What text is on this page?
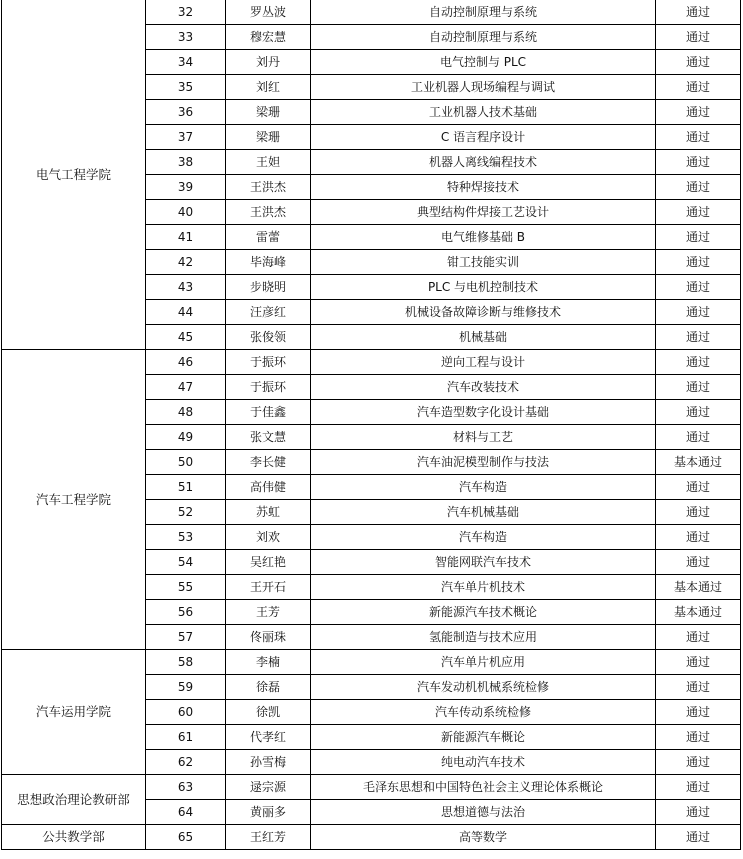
电气工程学院	32	罗丛波	自动控制原理与系统	通过
	33	穆宏慧	自动控制原理与系统	通过
	34	刘丹	电气控制与 PLC	通过
	35	刘红	工业机器人现场编程与调试	通过
	36	梁珊	工业机器人技术基础	通过
	37	梁珊	C 语言程序设计	通过
	38	王妲	机器人离线编程技术	通过
	39	王洪杰	特种焊接技术	通过
	40	王洪杰	典型结构件焊接工艺设计	通过
	41	雷蕾	电气维修基础 B	通过
	42	毕海峰	钳工技能实训	通过
	43	步晓明	PLC 与电机控制技术	通过
	44	汪彦红	机械设备故障诊断与维修技术	通过
	45	张俊领	机械基础	通过
汽车工程学院	46	于振环	逆向工程与设计	通过
	47	于振环	汽车改装技术	通过
	48	于佳鑫	汽车造型数字化设计基础	通过
	49	张文慧	材料与工艺	通过
	50	李长健	汽车油泥模型制作与技法	基本通过
	51	高伟健	汽车构造	通过
	52	苏虹	汽车机械基础	通过
	53	刘欢	汽车构造	通过
	54	吴红艳	智能网联汽车技术	通过
	55	王开石	汽车单片机技术	基本通过
	56	王芳	新能源汽车技术概论	基本通过
	57	佟丽珠	氢能制造与技术应用	通过
汽车运用学院	58	李楠	汽车单片机应用	通过
	59	徐磊	汽车发动机机械系统检修	通过
	60	徐凯	汽车传动系统检修	通过
	61	代孝红	新能源汽车概论	通过
	62	孙雪梅	纯电动汽车技术	通过
思想政治理论教研部	63	逯宗源	毛泽东思想和中国特色社会主义理论体系概论	通过
	64	黄丽多	思想道德与法治	通过
公共教学部	65	王红芳	高等数学	通过
